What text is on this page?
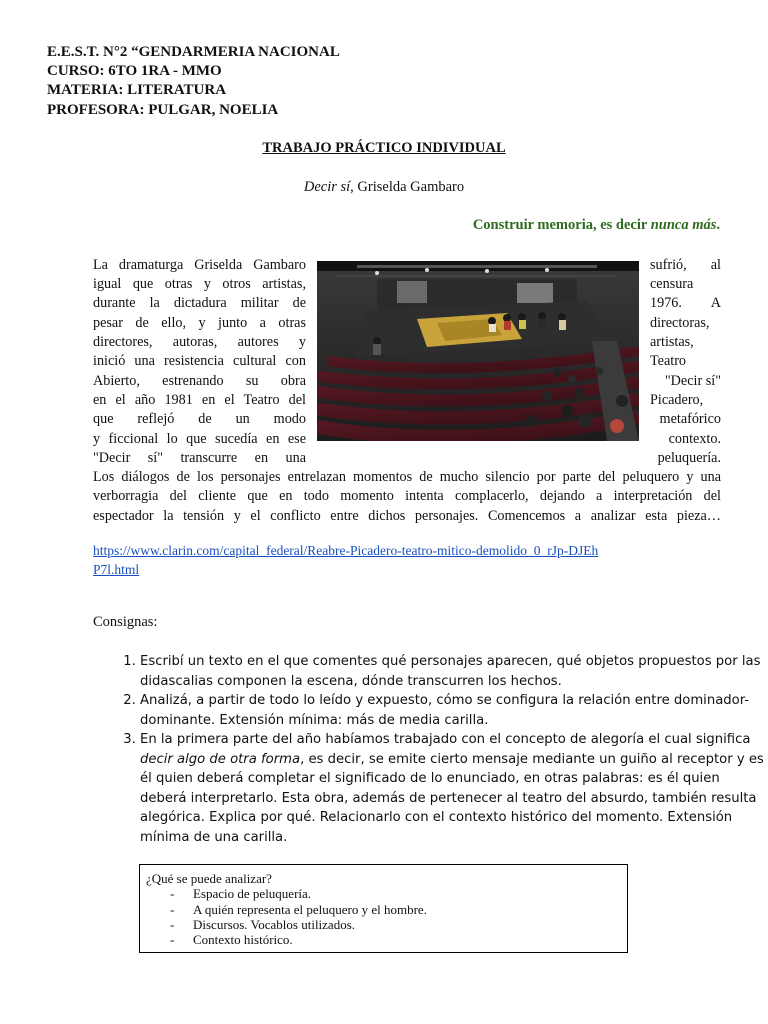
E.E.S.T. N°2 “GENDARMERIA NACIONAL
CURSO: 6TO 1RA - MMO
MATERIA: LITERATURA
PROFESORA: PULGAR, NOELIA
TRABAJO PRÁCTICO INDIVIDUAL
Decir sí, Griselda Gambaro
Construir memoria, es decir nunca más.
La dramaturga Griselda Gambaro
igual que otras y otros artistas,
durante la dictadura militar de
pesar de ello, y junto a otras
directores, autoras, autores y
inició una resistencia cultural con
Abierto, estrenando su obra
en el año 1981 en el Teatro del
que reflejó de un modo
y ficcional lo que sucedía en ese
"Decir sí" transcurre en una
sufrió, al
censura
1976. A
directoras,
artistas,
Teatro
"Decir sí"
Picadero,
metafórico
contexto.
peluquería.
Los diálogos de los personajes entrelazan momentos de mucho silencio por parte del peluquero y una
verborragia del cliente que en todo momento intenta complacerlo, dejando a interpretación del
espectador la tensión y el conflicto entre dichos personajes. Comencemos a analizar esta pieza…
https://www.clarin.com/capital_federal/Reabre-Picadero-teatro-mitico-demolido_0_rJp-DJEh
P7l.html
Consignas:
1. Escribí un texto en el que comentes qué personajes aparecen, qué objetos propuestos por las didascalias componen la escena, dónde transcurren los hechos.
2. Analizá, a partir de todo lo leído y expuesto, cómo se configura la relación entre dominador-dominante. Extensión mínima: más de media carilla.
3. En la primera parte del año habíamos trabajado con el concepto de alegoría el cual significa decir algo de otra forma, es decir, se emite cierto mensaje mediante un guiño al receptor y es él quien deberá completar el significado de lo enunciado, en otras palabras: es él quien deberá interpretarlo. Esta obra, además de pertenecer al teatro del absurdo, también resulta alegórica. Explica por qué. Relacionarlo con el contexto histórico del momento. Extensión mínima de una carilla.
¿Qué se puede analizar?
- Espacio de peluquería.
- A quién representa el peluquero y el hombre.
- Discursos. Vocablos utilizados.
- Contexto histórico.
